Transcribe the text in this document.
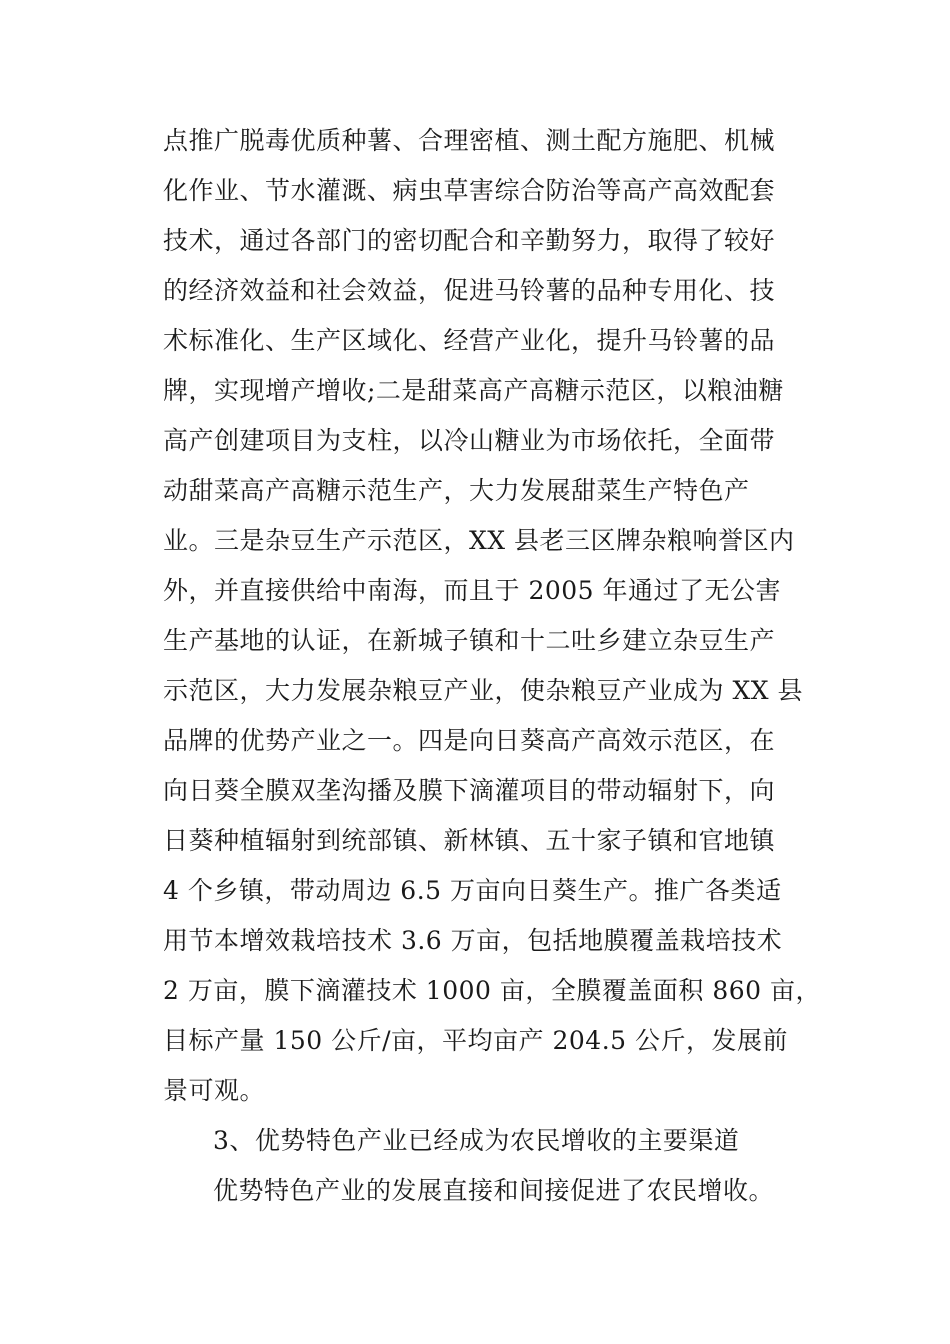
点推广脱毒优质种薯、合理密植、测土配方施肥、机械
化作业、节水灌溉、病虫草害综合防治等高产高效配套
技术，通过各部门的密切配合和辛勤努力，取得了较好
的经济效益和社会效益，促进马铃薯的品种专用化、技
术标准化、生产区域化、经营产业化，提升马铃薯的品
牌，实现增产增收;二是甜菜高产高糖示范区，以粮油糖
高产创建项目为支柱，以冷山糖业为市场依托，全面带
动甜菜高产高糖示范生产，大力发展甜菜生产特色产
业。三是杂豆生产示范区，XX 县老三区牌杂粮响誉区内
外，并直接供给中南海，而且于 2005 年通过了无公害
生产基地的认证，在新城子镇和十二吐乡建立杂豆生产
示范区，大力发展杂粮豆产业，使杂粮豆产业成为 XX 县
品牌的优势产业之一。四是向日葵高产高效示范区，在
向日葵全膜双垄沟播及膜下滴灌项目的带动辐射下，向
日葵种植辐射到统部镇、新林镇、五十家子镇和官地镇
4 个乡镇，带动周边 6.5 万亩向日葵生产。推广各类适
用节本增效栽培技术 3.6 万亩，包括地膜覆盖栽培技术
2 万亩，膜下滴灌技术 1000 亩，全膜覆盖面积 860 亩，
目标产量 150 公斤/亩，平均亩产 204.5 公斤，发展前
景可观。
3、优势特色产业已经成为农民增收的主要渠道
优势特色产业的发展直接和间接促进了农民增收。
